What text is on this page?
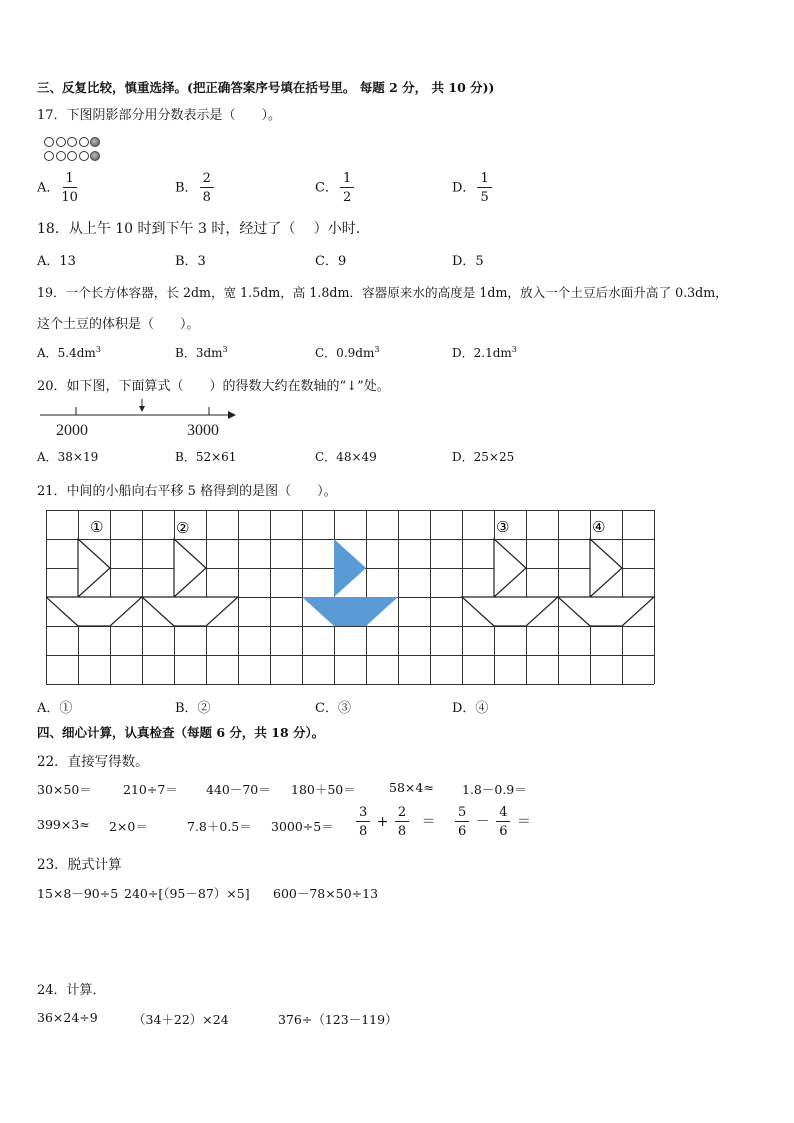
三、反复比较，慎重选择。(把正确答案序号填在括号里。 每题 2 分， 共 10 分))
17．下图阴影部分用分数表示是（　　）。
A． $\frac{1}{10}$	B． $\frac{2}{8}$	C． $\frac{1}{2}$	D． $\frac{1}{5}$
18．从上午 10 时到下午 3 时，经过了（　 ）小时.
A．13	B．3	C．9	D．5
19．一个长方体容器，长 2dm，宽 1.5dm，高 1.8dm．容器原来水的高度是 1dm，放入一个土豆后水面升高了 0.3dm，
这个土豆的体积是（　　）。
A．$5.4dm^3$	B．$3dm^3$	C．$0.9dm^3$	D．$2.1dm^3$
20．如下图，下面算式（　　）的得数大约在数轴的“↓”处。
2000	3000
A．38×19	B．52×61	C．48×49	D．25×25
21．中间的小船向右平移 5 格得到的是图（　　）。
①	②	③	④
A．①	B．②	C．③	D．④
四、细心计算，认真检查（每题 6 分，共 18 分）。
22．直接写得数。
30×50＝ 210÷7＝ 440－70＝ 180＋50＝	58×4≈ 1.8－0.9＝
399×3≈ 2×0＝	$7.8+0.5= 3000\div 5= \frac{3}{8} + \frac{2}{8} = \frac{5}{6} - \frac{4}{6}$ ＝
23．脱式计算
15×8－90÷5 240÷[（95－87）×5] 600－78×50÷13
24．计算．
36×24÷9	（34＋22）×24	376÷（123－119）
